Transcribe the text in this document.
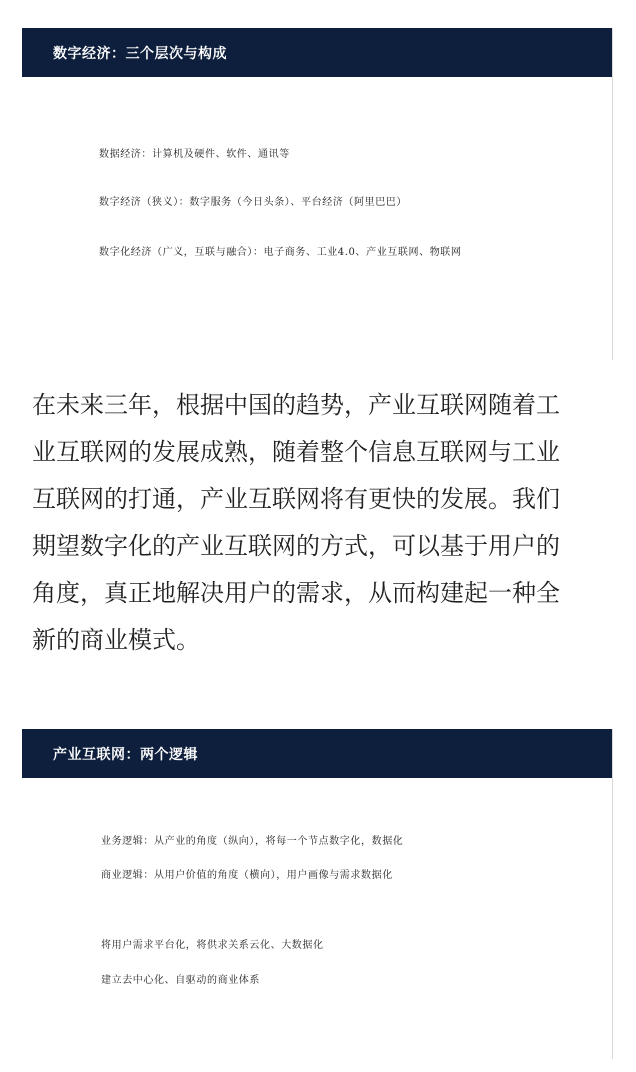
数字经济：三个层次与构成
数据经济：计算机及硬件、软件、通讯等
数字经济（狭义）：数字服务（今日头条）、平台经济（阿里巴巴）
数字化经济（广义，互联与融合）：电子商务、工业4.0、产业互联网、物联网
在未来三年，根据中国的趋势，产业互联网随着工
业互联网的发展成熟，随着整个信息互联网与工业
互联网的打通，产业互联网将有更快的发展。我们
期望数字化的产业互联网的方式，可以基于用户的
角度，真正地解决用户的需求，从而构建起一种全
新的商业模式。
产业互联网：两个逻辑
业务逻辑：从产业的角度（纵向），将每一个节点数字化，数据化
商业逻辑：从用户价值的角度（横向），用户画像与需求数据化
将用户需求平台化，将供求关系云化、大数据化
建立去中心化、自驱动的商业体系
